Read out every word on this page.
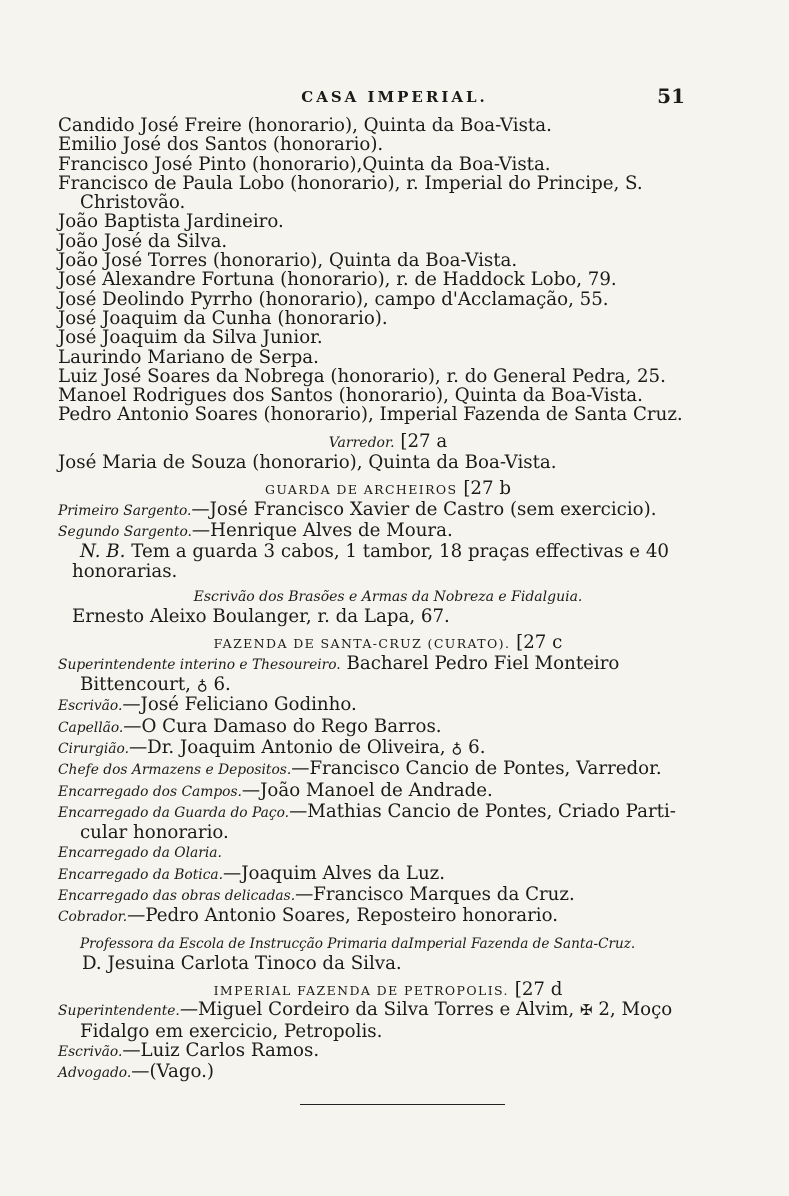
CASA IMPERIAL.	51
Candido José Freire (honorario), Quinta da Boa-Vista.
Emilio José dos Santos (honorario).
Francisco José Pinto (honorario),Quinta da Boa-Vista.
Francisco de Paula Lobo (honorario), r. Imperial do Principe, S.
Christovão.
João Baptista Jardineiro.
João José da Silva.
João José Torres (honorario), Quinta da Boa-Vista.
José Alexandre Fortuna (honorario), r. de Haddock Lobo, 79.
José Deolindo Pyrrho (honorario), campo d'Acclamação, 55.
José Joaquim da Cunha (honorario).
José Joaquim da Silva Junior.
Laurindo Mariano de Serpa.
Luiz José Soares da Nobrega (honorario), r. do General Pedra, 25.
Manoel Rodrigues dos Santos (honorario), Quinta da Boa-Vista.
Pedro Antonio Soares (honorario), Imperial Fazenda de Santa Cruz.
Varredor. [27 a
José Maria de Souza (honorario), Quinta da Boa-Vista.
GUARDA DE ARCHEIROS [27 b
Primeiro Sargento.—José Francisco Xavier de Castro (sem exercicio).
Segundo Sargento.—Henrique Alves de Moura.
N. B. Tem a guarda 3 cabos, 1 tambor, 18 praças effectivas e 40
honorarias.
Escrivão dos Brasões e Armas da Nobreza e Fidalguia.
Ernesto Aleixo Boulanger, r. da Lapa, 67.
FAZENDA DE SANTA-CRUZ (CURATO). [27 c
Superintendente interino e Thesoureiro. Bacharel Pedro Fiel Monteiro
Bittencourt, ♁ 6.
Escrivão.—José Feliciano Godinho.
Capellão.—O Cura Damaso do Rego Barros.
Cirurgião.—Dr. Joaquim Antonio de Oliveira, ♁ 6.
Chefe dos Armazens e Depositos.—Francisco Cancio de Pontes, Varredor.
Encarregado dos Campos.—João Manoel de Andrade.
Encarregado da Guarda do Paço.—Mathias Cancio de Pontes, Criado Parti-
cular honorario.
Encarregado da Olaria.
Encarregado da Botica.—Joaquim Alves da Luz.
Encarregado das obras delicadas.—Francisco Marques da Cruz.
Cobrador.—Pedro Antonio Soares, Reposteiro honorario.
Professora da Escola de Instrucção Primaria daImperial Fazenda de Santa-Cruz.
D. Jesuina Carlota Tinoco da Silva.
IMPERIAL FAZENDA DE PETROPOLIS. [27 d
Superintendente.—Miguel Cordeiro da Silva Torres e Alvim, ✠ 2, Moço
Fidalgo em exercicio, Petropolis.
Escrivão.—Luiz Carlos Ramos.
Advogado.—(Vago.)
